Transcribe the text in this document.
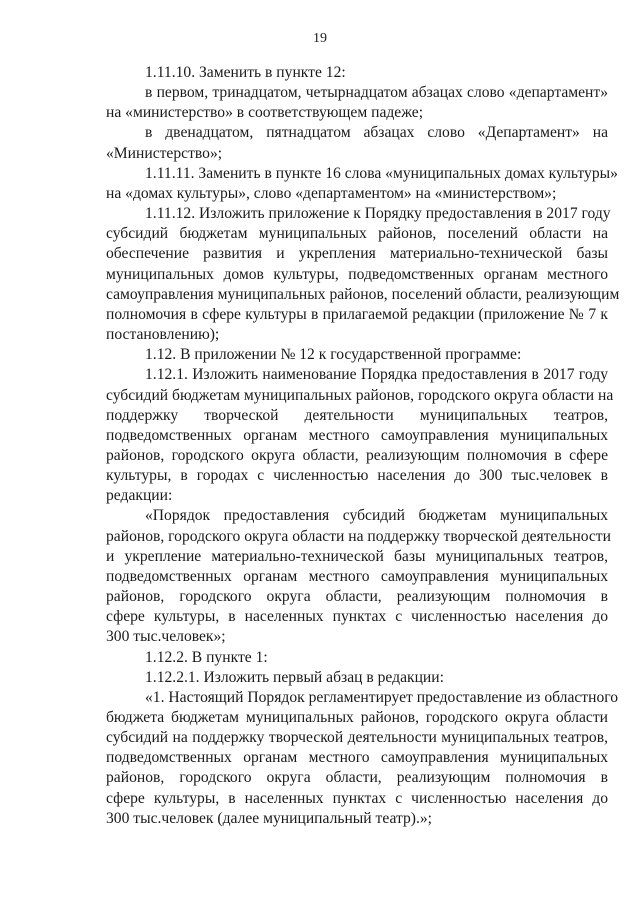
19
1.11.10. Заменить в пункте 12:
в первом, тринадцатом, четырнадцатом абзацах слово «департамент»
на «министерство» в соответствующем падеже;
в двенадцатом, пятнадцатом абзацах слово «Департамент» на
«Министерство»;
1.11.11. Заменить в пункте 16 слова «муниципальных домах культуры»
на «домах культуры», слово «департаментом» на «министерством»;
1.11.12. Изложить приложение к Порядку предоставления в 2017 году
субсидий бюджетам муниципальных районов, поселений области на
обеспечение развития и укрепления материально-технической базы
муниципальных домов культуры, подведомственных органам местного
самоуправления муниципальных районов, поселений области, реализующим
полномочия в сфере культуры в прилагаемой редакции (приложение № 7 к
постановлению);
1.12. В приложении № 12 к государственной программе:
1.12.1. Изложить наименование Порядка предоставления в 2017 году
субсидий бюджетам муниципальных районов, городского округа области на
поддержку творческой деятельности муниципальных театров,
подведомственных органам местного самоуправления муниципальных
районов, городского округа области, реализующим полномочия в сфере
культуры, в городах с численностью населения до 300 тыс.человек в
редакции:
«Порядок предоставления субсидий бюджетам муниципальных
районов, городского округа области на поддержку творческой деятельности
и укрепление материально-технической базы муниципальных театров,
подведомственных органам местного самоуправления муниципальных
районов, городского округа области, реализующим полномочия в
сфере культуры, в населенных пунктах с численностью населения до
300 тыс.человек»;
1.12.2. В пункте 1:
1.12.2.1. Изложить первый абзац в редакции:
«1. Настоящий Порядок регламентирует предоставление из областного
бюджета бюджетам муниципальных районов, городского округа области
субсидий на поддержку творческой деятельности муниципальных театров,
подведомственных органам местного самоуправления муниципальных
районов, городского округа области, реализующим полномочия в
сфере культуры, в населенных пунктах с численностью населения до
300 тыс.человек (далее муниципальный театр).»;
